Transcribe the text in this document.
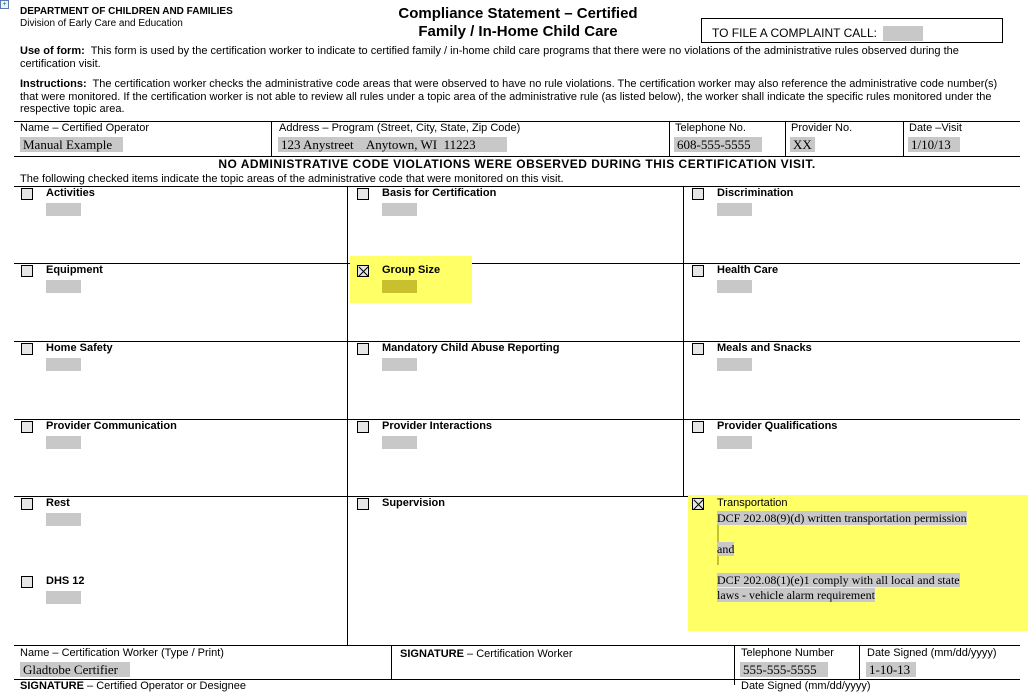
+
DEPARTMENT OF CHILDREN AND FAMILIES
Division of Early Care and Education
Compliance Statement – Certified
Family / In-Home Child Care	TO FILE A COMPLAINT CALL:
Use of form: This form is used by the certification worker to indicate to certified family / in-home child care programs that there were no violations of the administrative rules observed during the certification visit.
Instructions: The certification worker checks the administrative code areas that were observed to have no rule violations. The certification worker may also reference the administrative code number(s) that were monitored. If the certification worker is not able to review all rules under a topic area of the administrative rule (as listed below), the worker shall indicate the specific rules monitored under the respective topic area.
Name – Certified Operator
Manual Example
Address – Program (Street, City, State, Zip Code)
123 Anystreet    Anytown, WI  11223
Telephone No.
608-555-5555
Provider No.
XX
Date –Visit
1/10/13
NO ADMINISTRATIVE CODE VIOLATIONS WERE OBSERVED DURING THIS CERTIFICATION VISIT.
The following checked items indicate the topic areas of the administrative code that were monitored on this visit.
Activities	Basis for Certification	Discrimination
Equipment	Group Size	Health Care
Home Safety	Mandatory Child Abuse Reporting	Meals and Snacks
Provider Communication	Provider Interactions	Provider Qualifications
Rest	Supervision	Transportation
DCF 202.08(9)(d) written transportation permission
and
DCF 202.08(1)(e)1 comply with all local and state
laws - vehicle alarm requirement
DHS 12
Name – Certification Worker (Type / Print)
Gladtobe Certifier
SIGNATURE – Certification Worker	Telephone Number
555-555-5555
Date Signed (mm/dd/yyyy)
1-10-13
SIGNATURE – Certified Operator or Designee	Date Signed (mm/dd/yyyy)
